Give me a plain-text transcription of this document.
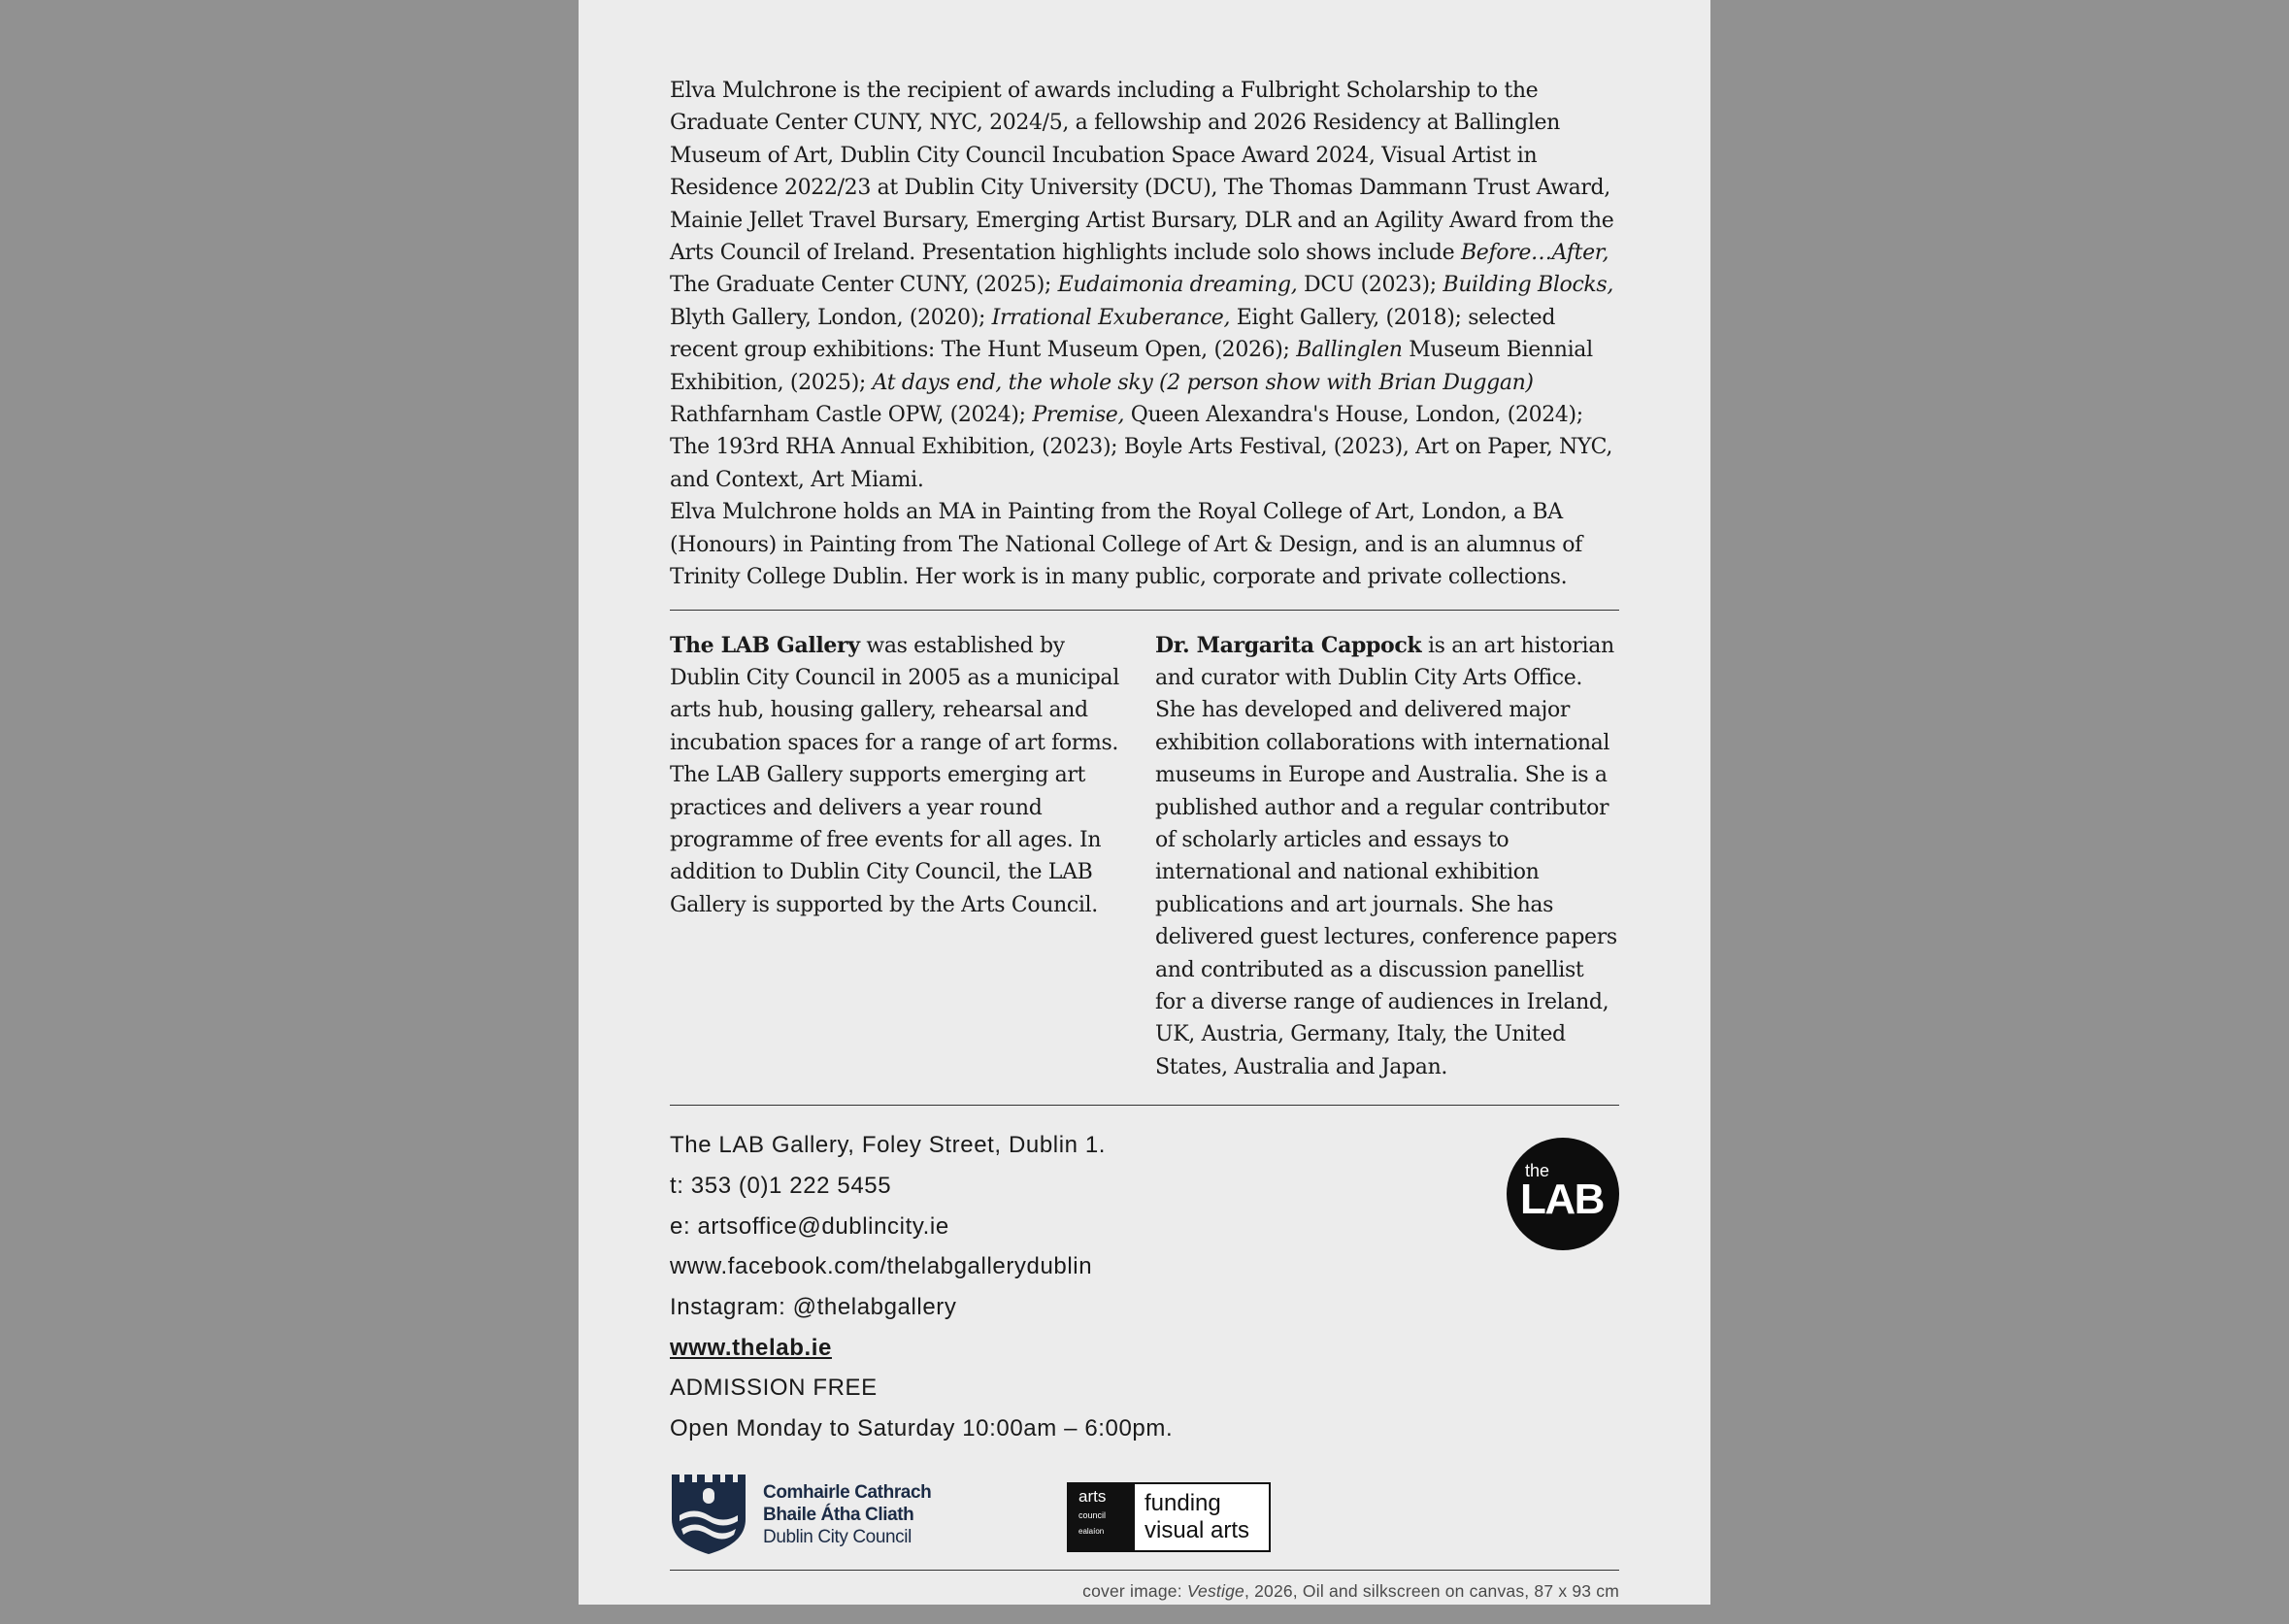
Elva Mulchrone is the recipient of awards including a Fulbright Scholarship to the Graduate Center CUNY, NYC, 2024/5, a fellowship and 2026 Residency at Ballinglen Museum of Art, Dublin City Council Incubation Space Award 2024, Visual Artist in Residence 2022/23 at Dublin City University (DCU), The Thomas Dammann Trust Award, Mainie Jellet Travel Bursary, Emerging Artist Bursary, DLR and an Agility Award from the Arts Council of Ireland. Presentation highlights include solo shows include Before…After, The Graduate Center CUNY, (2025); Eudaimonia dreaming, DCU (2023); Building Blocks, Blyth Gallery, London, (2020); Irrational Exuberance, Eight Gallery, (2018); selected recent group exhibitions: The Hunt Museum Open, (2026); Ballinglen Museum Biennial Exhibition, (2025); At days end, the whole sky (2 person show with Brian Duggan) Rathfarnham Castle OPW, (2024); Premise, Queen Alexandra's House, London, (2024); The 193rd RHA Annual Exhibition, (2023); Boyle Arts Festival, (2023), Art on Paper, NYC, and Context, Art Miami.

Elva Mulchrone holds an MA in Painting from the Royal College of Art, London, a BA (Honours) in Painting from The National College of Art & Design, and is an alumnus of Trinity College Dublin. Her work is in many public, corporate and private collections.

The LAB Gallery was established by Dublin City Council in 2005 as a municipal arts hub, housing gallery, rehearsal and incubation spaces for a range of art forms. The LAB Gallery supports emerging art practices and delivers a year round programme of free events for all ages. In addition to Dublin City Council, the LAB Gallery is supported by the Arts Council.
Dr. Margarita Cappock is an art historian and curator with Dublin City Arts Office. She has developed and delivered major exhibition collaborations with international museums in Europe and Australia. She is a published author and a regular contributor of scholarly articles and essays to international and national exhibition publications and art journals. She has delivered guest lectures, conference papers and contributed as a discussion panellist for a diverse range of audiences in Ireland, UK, Austria, Germany, Italy, the United States, Australia and Japan.
The LAB Gallery, Foley Street, Dublin 1.
t: 353 (0)1 222 5455
e: artsoffice@dublincity.ie
www.facebook.com/thelabgallerydublin
Instagram: @thelabgallery
www.thelab.ie
ADMISSION FREE
Open Monday to Saturday 10:00am – 6:00pm.
the
LAB
Comhairle Cathrach
Bhaile Átha Cliath
Dublin City Council
arts
council
ealaíon
funding
visual arts
cover image: Vestige, 2026, Oil and silkscreen on canvas, 87 x 93 cm
